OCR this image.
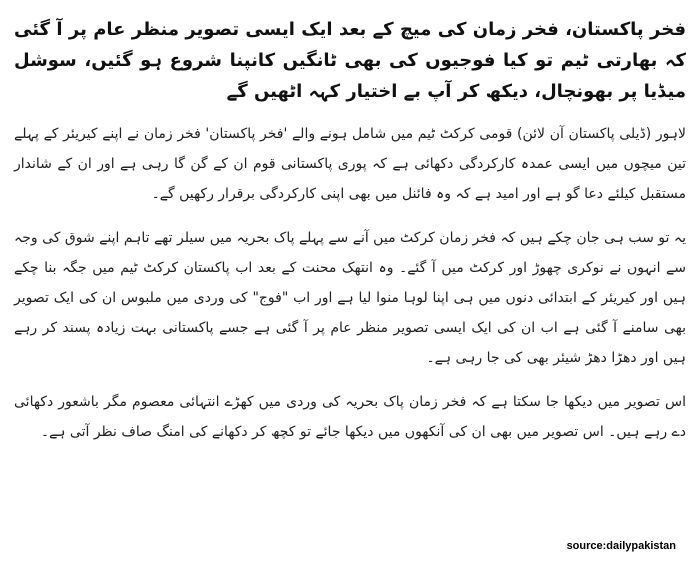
فخر پاکستان، فخر زمان کی میچ کے بعد ایک ایسی تصویر منظر عام پر آ گئی کہ بھارتی ٹیم تو کیا فوجیوں کی بھی ٹانگیں کانپنا شروع ہو گئیں، سوشل میڈیا پر بھونچال، دیکھ کر آپ بے اختیار کہہ اٹھیں گے
لاہور (ڈیلی پاکستان آن لائن) قومی کرکٹ ٹیم میں شامل ہونے والے 'فخر پاکستان' فخر زمان نے اپنے کیریئر کے پہلے تین میچوں میں ایسی عمدہ کارکردگی دکھائی ہے کہ پوری پاکستانی قوم ان کے گن گا رہی ہے اور ان کے شاندار مستقبل کیلئے دعا گو ہے اور امید ہے کہ وہ فائنل میں بھی اپنی کارکردگی برقرار رکھیں گے۔
یہ تو سب ہی جان چکے ہیں کہ فخر زمان کرکٹ میں آنے سے پہلے پاک بحریہ میں سیلر تھے تاہم اپنے شوق کی وجہ سے انہوں نے نوکری چھوڑ اور کرکٹ میں آ گئے۔ وہ انتھک محنت کے بعد اب پاکستان کرکٹ ٹیم میں جگہ بنا چکے ہیں اور کیریئر کے ابتدائی دنوں میں ہی اپنا لوہا منوا لیا ہے اور اب "فوج" کی وردی میں ملبوس ان کی ایک تصویر بھی سامنے آ گئی ہے اب ان کی ایک ایسی تصویر منظر عام پر آ گئی ہے جسے پاکستانی بہت زیادہ پسند کر رہے ہیں اور دھڑا دھڑ شیئر بھی کی جا رہی ہے۔
اس تصویر میں دیکھا جا سکتا ہے کہ فخر زمان پاک بحریہ کی وردی میں کھڑے انتہائی معصوم مگر باشعور دکھائی دے رہے ہیں۔ اس تصویر میں بھی ان کی آنکھوں میں دیکھا جائے تو کچھ کر دکھانے کی امنگ صاف نظر آتی ہے۔
source:dailypakistan
